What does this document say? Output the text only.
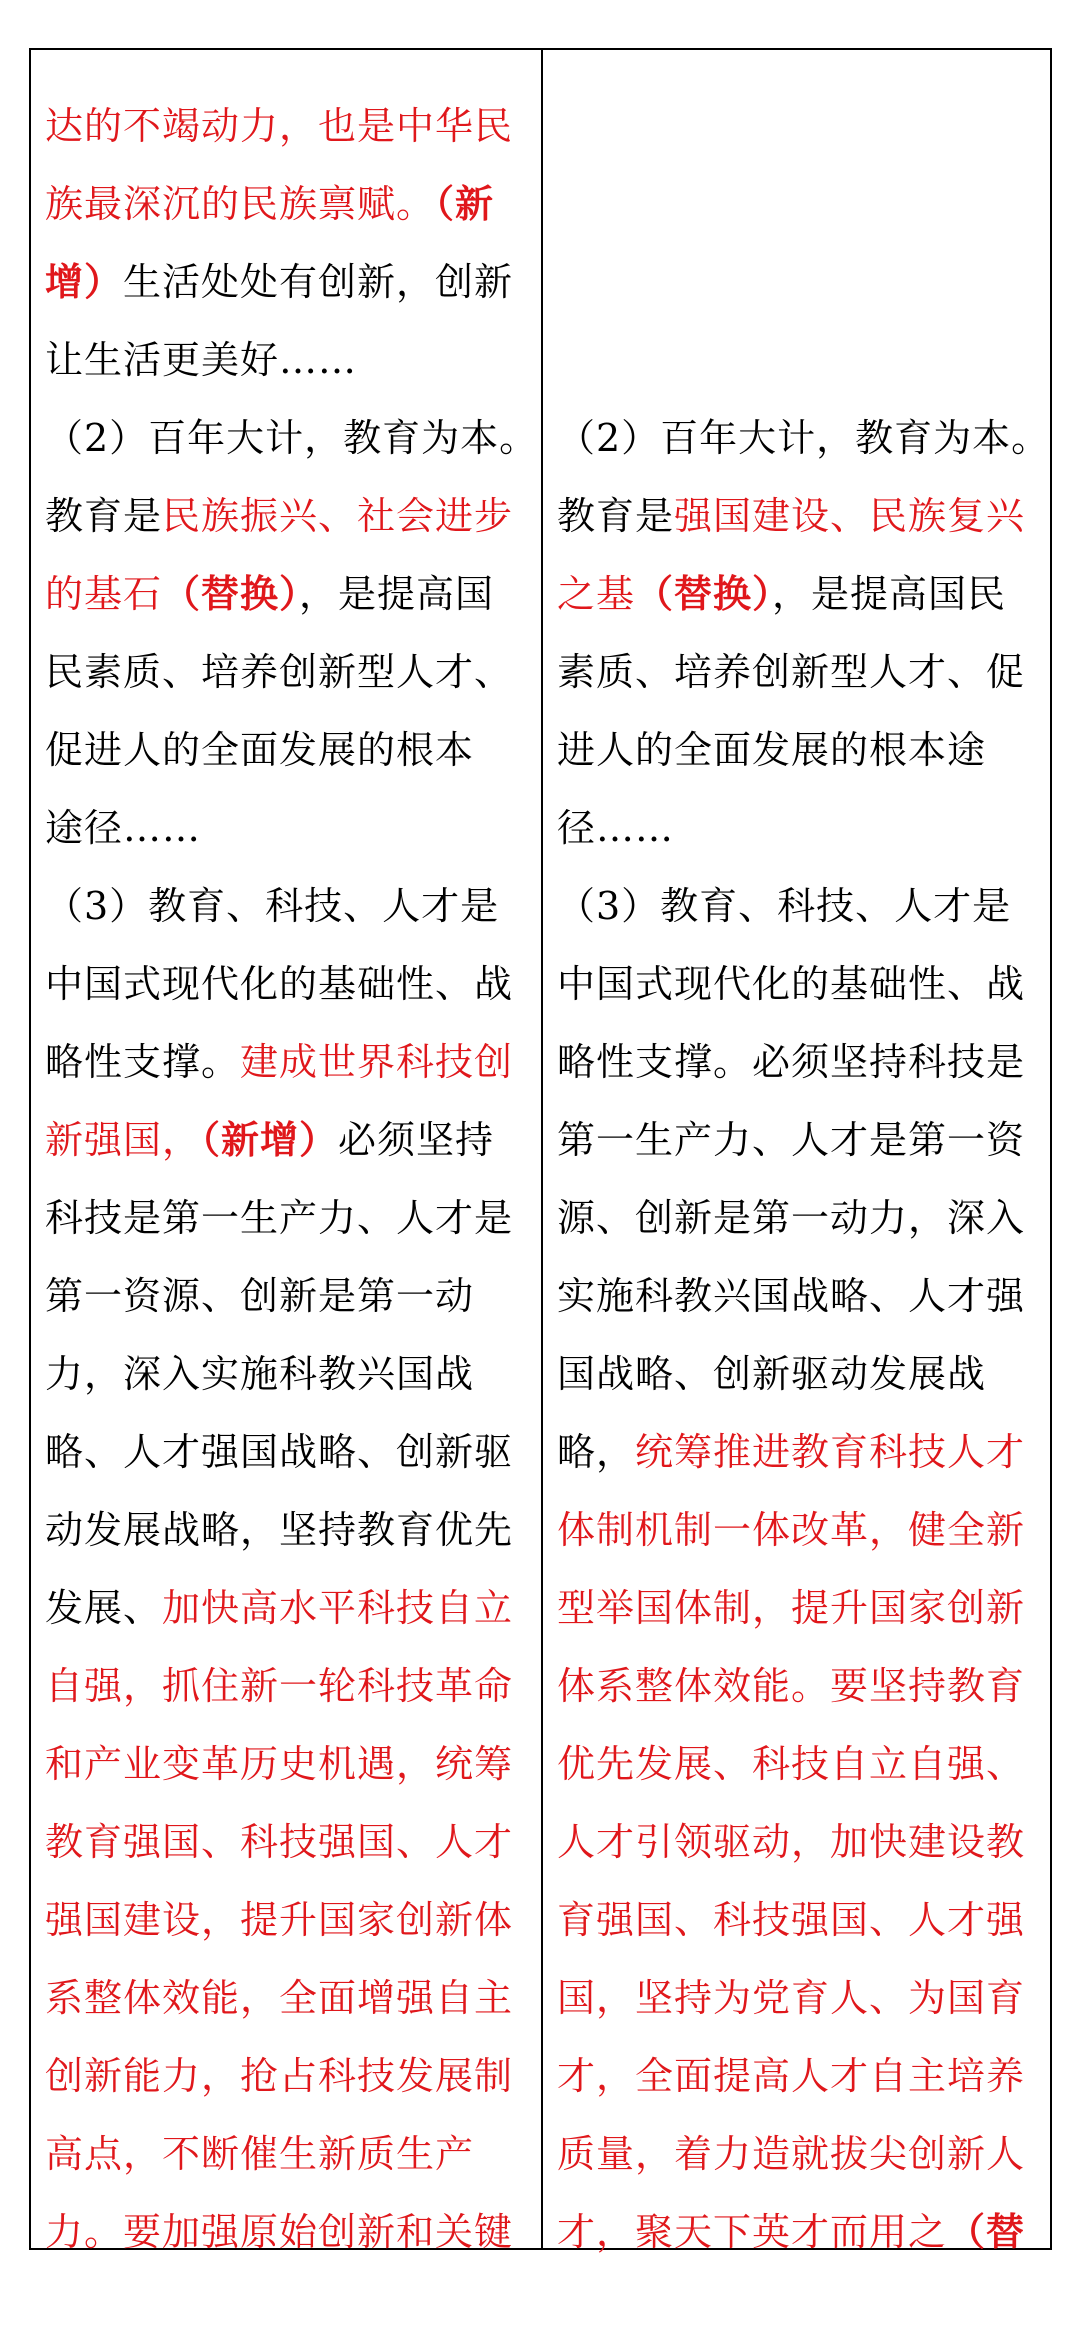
达的不竭动力，也是中华民
族最深沉的民族禀赋。（新
增）生活处处有创新，创新
让生活更美好……
（2）百年大计，教育为本。
教育是民族振兴、社会进步
的基石（替换），是提高国
民素质、培养创新型人才、
促进人的全面发展的根本
途径……
（3）教育、科技、人才是
中国式现代化的基础性、战
略性支撑。建成世界科技创
新强国，（新增）必须坚持
科技是第一生产力、人才是
第一资源、创新是第一动
力，深入实施科教兴国战
略、人才强国战略、创新驱
动发展战略，坚持教育优先
发展、加快高水平科技自立
自强，抓住新一轮科技革命
和产业变革历史机遇，统筹
教育强国、科技强国、人才
强国建设，提升国家创新体
系整体效能，全面增强自主
创新能力，抢占科技发展制
高点，不断催生新质生产
力。要加强原始创新和关键
（2）百年大计，教育为本。
教育是强国建设、民族复兴
之基（替换），是提高国民
素质、培养创新型人才、促
进人的全面发展的根本途
径……
（3）教育、科技、人才是
中国式现代化的基础性、战
略性支撑。必须坚持科技是
第一生产力、人才是第一资
源、创新是第一动力，深入
实施科教兴国战略、人才强
国战略、创新驱动发展战
略，统筹推进教育科技人才
体制机制一体改革，健全新
型举国体制，提升国家创新
体系整体效能。要坚持教育
优先发展、科技自立自强、
人才引领驱动，加快建设教
育强国、科技强国、人才强
国，坚持为党育人、为国育
才，全面提高人才自主培养
质量，着力造就拔尖创新人
才，聚天下英才而用之（替
